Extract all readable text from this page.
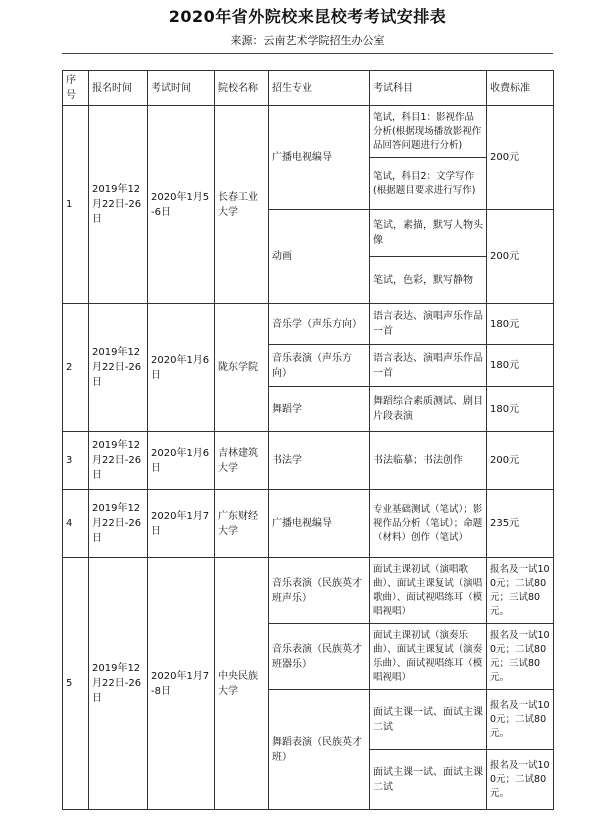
2020年省外院校来昆校考考试安排表
来源：云南艺术学院招生办公室
序号	报名时间	考试时间	院校名称	招生专业	考试科目	收费标准
1	2019年12月22日-26日	2020年1月5-6日	长春工业大学	广播电视编导	笔试，科目1：影视作品分析(根据现场播放影视作品回答问题进行分析)	200元
					笔试，科目2：文学写作(根据题目要求进行写作)	
				动画	笔试，素描，默写人物头像	200元
					笔试，色彩，默写静物	
2	2019年12月22日-26日	2020年1月6日	陇东学院	音乐学（声乐方向）	语言表达、演唱声乐作品一首	180元
				音乐表演（声乐方向）	语言表达、演唱声乐作品一首	180元
				舞蹈学	舞蹈综合素质测试、剧目片段表演	180元
3	2019年12月22日-26日	2020年1月6日	吉林建筑大学	书法学	书法临摹；书法创作	200元
4	2019年12月22日-26日	2020年1月7日	广东财经大学	广播电视编导	专业基础测试（笔试）；影视作品分析（笔试）；命题（材料）创作（笔试）	235元
5	2019年12月22日-26日	2020年1月7-8日	中央民族大学	音乐表演（民族英才班声乐）	面试主课初试（演唱歌曲）、面试主课复试（演唱歌曲）、面试视唱练耳（模唱视唱）	报名及一试100元；二试80元；三试80元。
				音乐表演（民族英才班器乐）	面试主课初试（演奏乐曲）、面试主课复试（演奏乐曲）、面试视唱练耳（模唱视唱）	报名及一试100元；二试80元；三试80元。
				舞蹈表演（民族英才班）	面试主课一试、面试主课二试	报名及一试100元；二试80元。
					面试主课一试、面试主课二试	报名及一试100元；二试80元。
